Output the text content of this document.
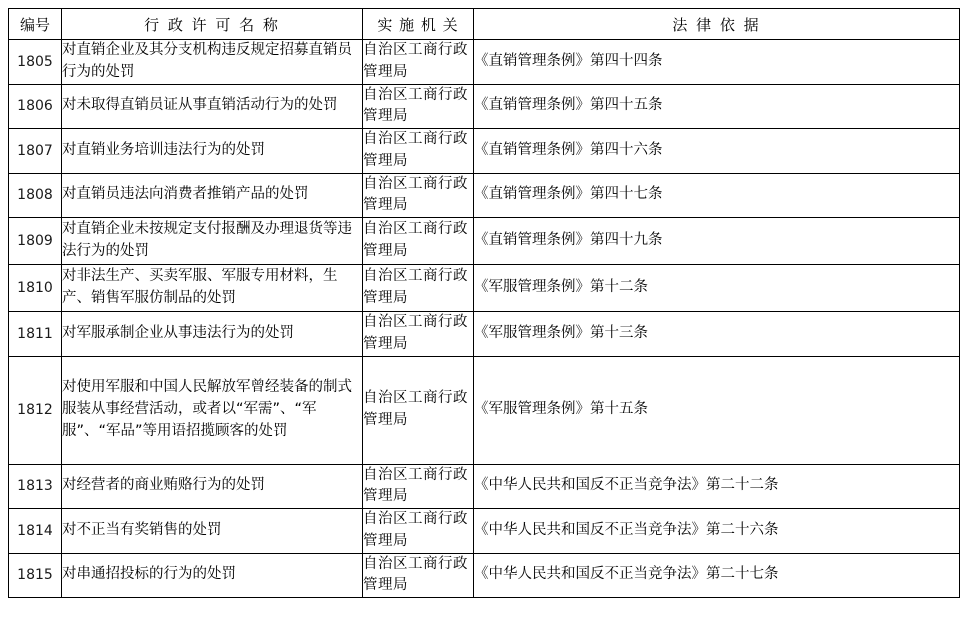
编号	行 政 许 可 名 称	实 施 机 关	法 律 依 据
1805	对直销企业及其分支机构违反规定招募直销员行为的处罚	自治区工商行政管理局	《直销管理条例》第四十四条
1806	对未取得直销员证从事直销活动行为的处罚	自治区工商行政管理局	《直销管理条例》第四十五条
1807	对直销业务培训违法行为的处罚	自治区工商行政管理局	《直销管理条例》第四十六条
1808	对直销员违法向消费者推销产品的处罚	自治区工商行政管理局	《直销管理条例》第四十七条
1809	对直销企业未按规定支付报酬及办理退货等违法行为的处罚	自治区工商行政管理局	《直销管理条例》第四十九条
1810	对非法生产、买卖军服、军服专用材料，生产、销售军服仿制品的处罚	自治区工商行政管理局	《军服管理条例》第十二条
1811	对军服承制企业从事违法行为的处罚	自治区工商行政管理局	《军服管理条例》第十三条
1812	对使用军服和中国人民解放军曾经装备的制式服装从事经营活动，或者以“军需”、“军服”、“军品”等用语招揽顾客的处罚	自治区工商行政管理局	《军服管理条例》第十五条
1813	对经营者的商业贿赂行为的处罚	自治区工商行政管理局	《中华人民共和国反不正当竞争法》第二十二条
1814	对不正当有奖销售的处罚	自治区工商行政管理局	《中华人民共和国反不正当竞争法》第二十六条
1815	对串通招投标的行为的处罚	自治区工商行政管理局	《中华人民共和国反不正当竞争法》第二十七条
